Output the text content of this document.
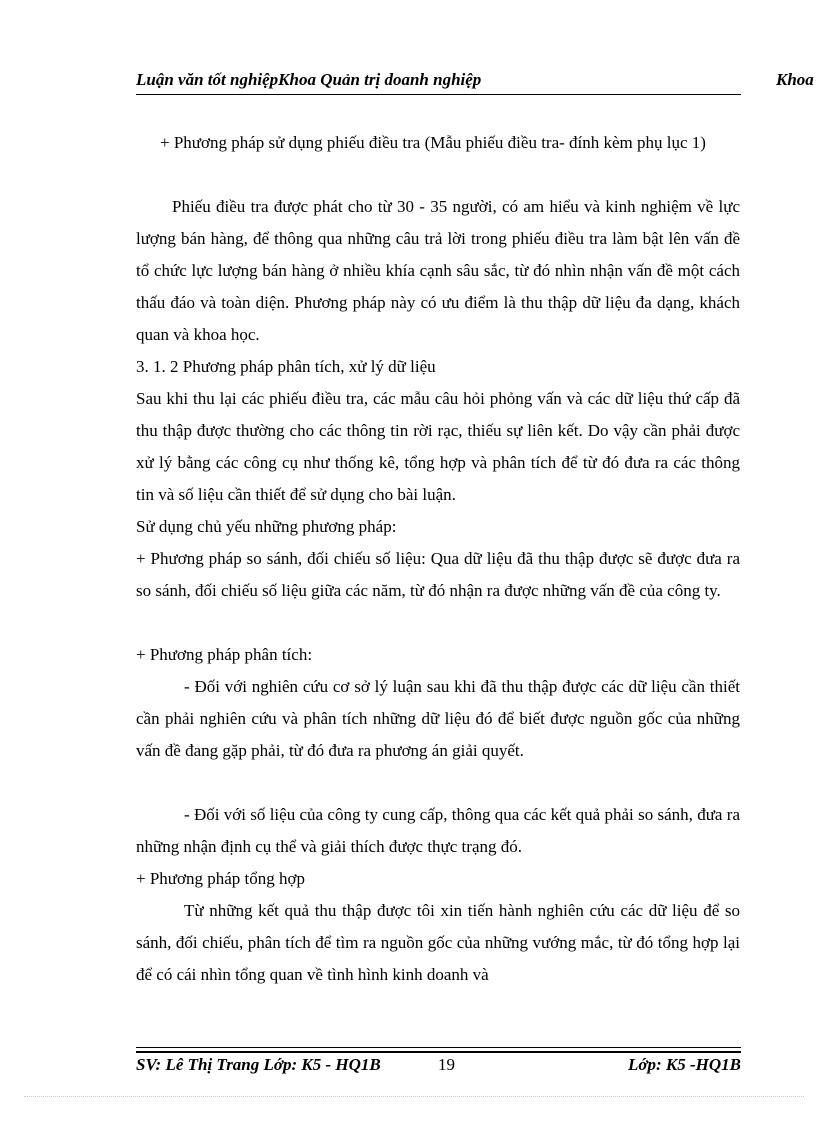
Luận văn tốt nghiệpKhoa Quản trị doanh nghiệp	Khoa

+ Phương pháp sử dụng phiếu điều tra (Mẫu phiếu điều tra- đính kèm phụ lục 1)

Phiếu điều tra được phát cho từ 30 - 35 người, có am hiểu và kinh nghiệm về lực lượng bán hàng, để thông qua những câu trả lời trong phiếu điều tra làm bật lên vấn đề tổ chức lực lượng bán hàng ở nhiều khía cạnh sâu sắc, từ đó nhìn nhận vấn đề một cách thấu đáo và toàn diện. Phương pháp này có ưu điểm là thu thập dữ liệu đa dạng, khách quan và khoa học.

3. 1. 2 Phương pháp phân tích, xử lý dữ liệu

Sau khi thu lại các phiếu điều tra, các mẫu câu hỏi phỏng vấn và các dữ liệu thứ cấp đã thu thập được thường cho các thông tin rời rạc, thiếu sự liên kết. Do vậy cần phải được xử lý bằng các công cụ như thống kê, tổng hợp và phân tích để từ đó đưa ra các thông tin và số liệu cần thiết để sử dụng cho bài luận.

Sử dụng chủ yếu những phương pháp:

+ Phương pháp so sánh, đối chiếu số liệu: Qua dữ liệu đã thu thập được sẽ được đưa ra so sánh, đối chiếu số liệu giữa các năm, từ đó nhận ra được những vấn đề của công ty.

+ Phương pháp phân tích:

- Đối với nghiên cứu cơ sở lý luận sau khi đã thu thập được các dữ liệu cần thiết cần phải nghiên cứu và phân tích những dữ liệu đó để biết được nguồn gốc của những vấn đề đang gặp phải, từ đó đưa ra phương án giải quyết.

- Đối với số liệu của công ty cung cấp, thông qua các kết quả phải so sánh, đưa ra những nhận định cụ thể và giải thích được thực trạng đó.

+ Phương pháp tổng hợp

Từ những kết quả thu thập được tôi xin tiến hành nghiên cứu các dữ liệu để so sánh, đối chiếu, phân tích để tìm ra nguồn gốc của những vướng mắc, từ đó tổng hợp lại để có cái nhìn tổng quan về tình hình kinh doanh và

SV: Lê Thị Trang Lớp: K5 - HQ1B	19	Lớp: K5 -HQ1B
